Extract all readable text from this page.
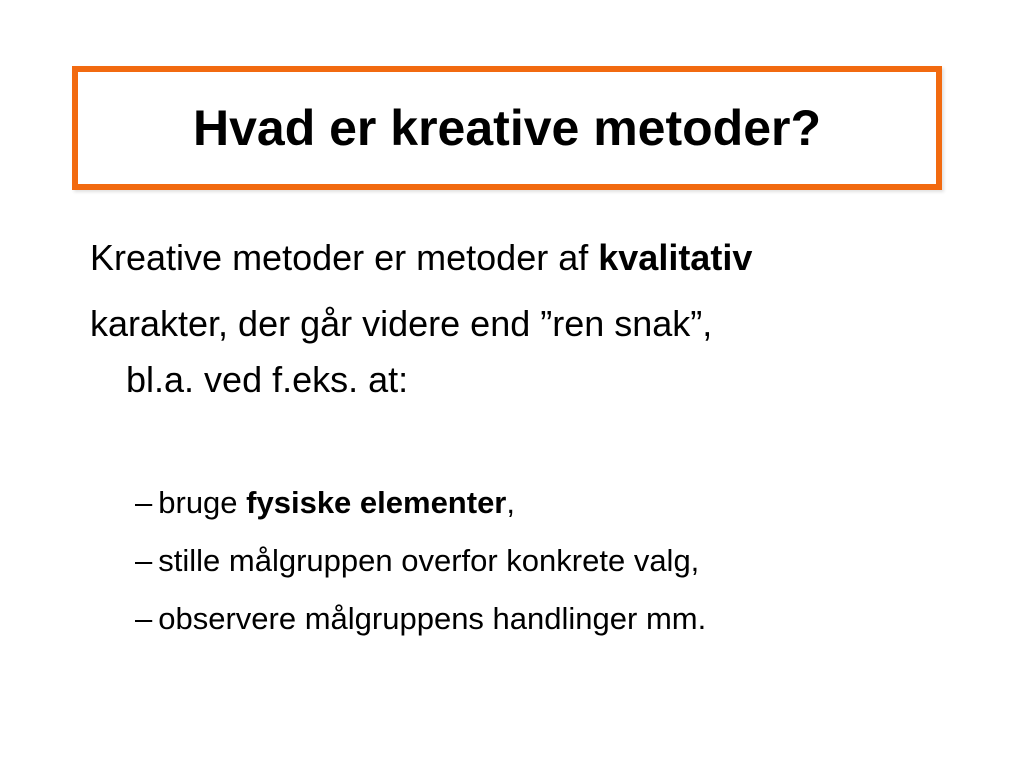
Hvad er kreative metoder?
Kreative metoder er metoder af kvalitativ
karakter, der går videre end ”ren snak”,
bl.a. ved f.eks. at:
– bruge fysiske elementer,
– stille målgruppen overfor konkrete valg,
– observere målgruppens handlinger mm.
